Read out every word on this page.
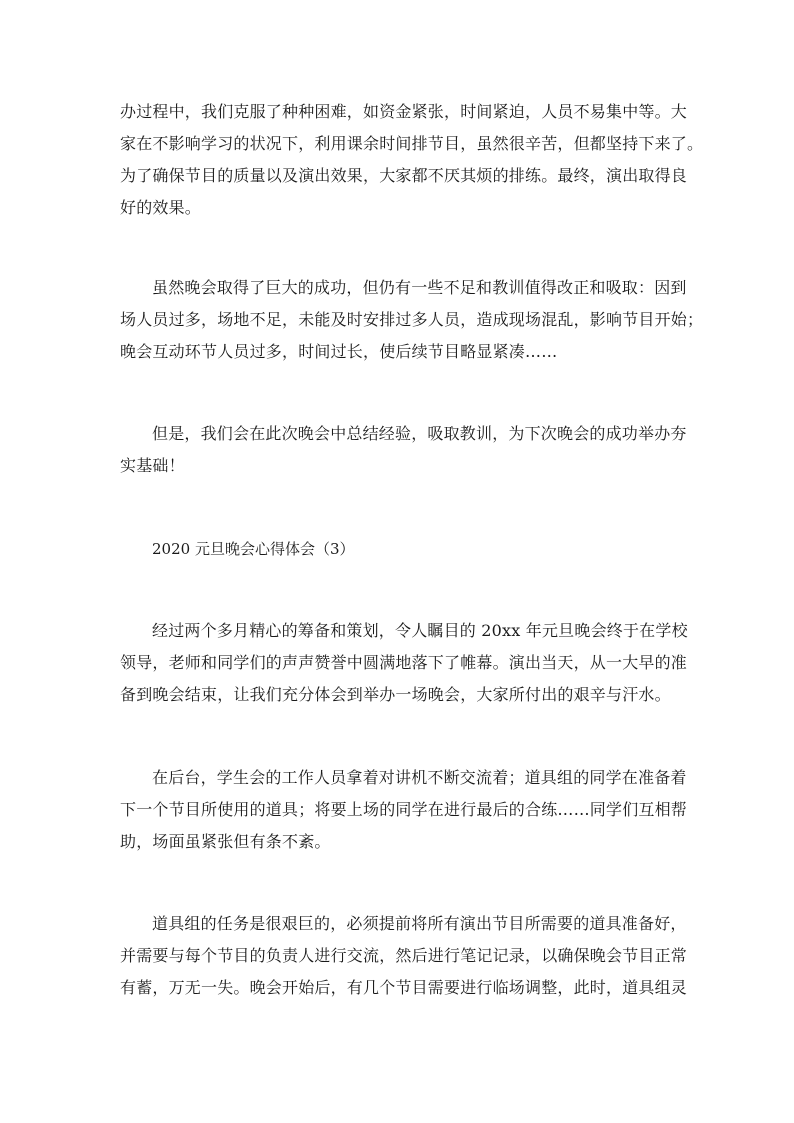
办过程中，我们克服了种种困难，如资金紧张，时间紧迫，人员不易集中等。大
家在不影响学习的状况下，利用课余时间排节目，虽然很辛苦，但都坚持下来了。
为了确保节目的质量以及演出效果，大家都不厌其烦的排练。最终，演出取得良
好的效果。

虽然晚会取得了巨大的成功，但仍有一些不足和教训值得改正和吸取：因到
场人员过多，场地不足，未能及时安排过多人员，造成现场混乱，影响节目开始；
晚会互动环节人员过多，时间过长，使后续节目略显紧凑……

但是，我们会在此次晚会中总结经验，吸取教训，为下次晚会的成功举办夯
实基础！

2020 元旦晚会心得体会（3）

经过两个多月精心的筹备和策划，令人瞩目的 20xx 年元旦晚会终于在学校
领导，老师和同学们的声声赞誉中圆满地落下了帷幕。演出当天，从一大早的准
备到晚会结束，让我们充分体会到举办一场晚会，大家所付出的艰辛与汗水。

在后台，学生会的工作人员拿着对讲机不断交流着；道具组的同学在准备着
下一个节目所使用的道具；将要上场的同学在进行最后的合练……同学们互相帮
助，场面虽紧张但有条不紊。

道具组的任务是很艰巨的，必须提前将所有演出节目所需要的道具准备好，
并需要与每个节目的负责人进行交流，然后进行笔记记录，以确保晚会节目正常
有蓄，万无一失。晚会开始后，有几个节目需要进行临场调整，此时，道具组灵
